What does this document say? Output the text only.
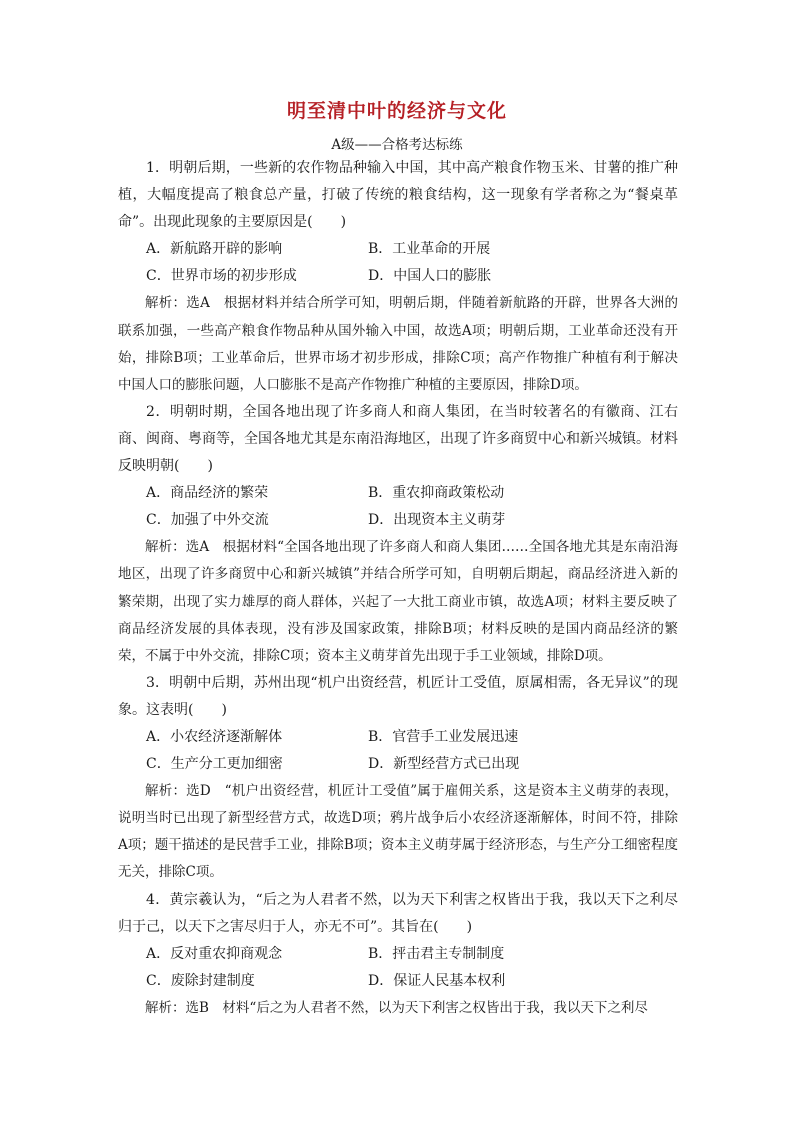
明至清中叶的经济与文化
A级——合格考达标练

1．明朝后期，一些新的农作物品种输入中国，其中高产粮食作物玉米、甘薯的推广种植，大幅度提高了粮食总产量，打破了传统的粮食结构，这一现象有学者称之为“餐桌革命”。出现此现象的主要原因是(　　)

A．新航路开辟的影响	B．工业革命的开展
C．世界市场的初步形成	D．中国人口的膨胀

解析：选A　根据材料并结合所学可知，明朝后期，伴随着新航路的开辟，世界各大洲的联系加强，一些高产粮食作物品种从国外输入中国，故选A项；明朝后期，工业革命还没有开始，排除B项；工业革命后，世界市场才初步形成，排除C项；高产作物推广种植有利于解决中国人口的膨胀问题，人口膨胀不是高产作物推广种植的主要原因，排除D项。

2．明朝时期，全国各地出现了许多商人和商人集团，在当时较著名的有徽商、江右商、闽商、粤商等，全国各地尤其是东南沿海地区，出现了许多商贸中心和新兴城镇。材料反映明朝(　　)

A．商品经济的繁荣	B．重农抑商政策松动
C．加强了中外交流	D．出现资本主义萌芽

解析：选A　根据材料“全国各地出现了许多商人和商人集团……全国各地尤其是东南沿海地区，出现了许多商贸中心和新兴城镇”并结合所学可知，自明朝后期起，商品经济进入新的繁荣期，出现了实力雄厚的商人群体，兴起了一大批工商业市镇，故选A项；材料主要反映了商品经济发展的具体表现，没有涉及国家政策，排除B项；材料反映的是国内商品经济的繁荣，不属于中外交流，排除C项；资本主义萌芽首先出现于手工业领域，排除D项。

3．明朝中后期，苏州出现“机户出资经营，机匠计工受值，原属相需，各无异议”的现象。这表明(　　)

A．小农经济逐渐解体	B．官营手工业发展迅速
C．生产分工更加细密	D．新型经营方式已出现

解析：选D　“机户出资经营，机匠计工受值”属于雇佣关系，这是资本主义萌芽的表现，说明当时已出现了新型经营方式，故选D项；鸦片战争后小农经济逐渐解体，时间不符，排除A项；题干描述的是民营手工业，排除B项；资本主义萌芽属于经济形态，与生产分工细密程度无关，排除C项。

4．黄宗羲认为，“后之为人君者不然，以为天下利害之权皆出于我，我以天下之利尽归于己，以天下之害尽归于人，亦无不可”。其旨在(　　)

A．反对重农抑商观念	B．抨击君主专制制度
C．废除封建制度	D．保证人民基本权利

解析：选B　材料“后之为人君者不然，以为天下利害之权皆出于我，我以天下之利尽
